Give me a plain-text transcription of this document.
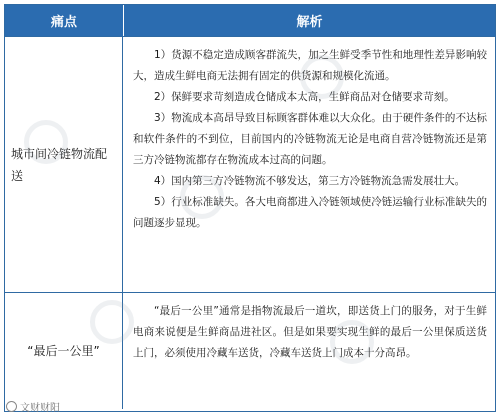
痛点	解析
城市间冷链物流配送

1）货源不稳定造成顾客群流失，加之生鲜受季节性和地理性差异影响较大，造成生鲜电商无法拥有固定的供货源和规模化流通。

2）保鲜要求苛刻造成仓储成本太高，生鲜商品对仓储要求苛刻。

3）物流成本高昂导致目标顾客群体难以大众化。由于硬件条件的不达标和软件条件的不到位，目前国内的冷链物流无论是电商自营冷链物流还是第三方冷链物流都存在物流成本过高的问题。

4）国内第三方冷链物流不够发达，第三方冷链物流急需发展壮大。

5）行业标准缺失。各大电商都进入冷链领域使冷链运输行业标准缺失的问题逐步显现。

“最后一公里”

“最后一公里”通常是指物流最后一道坎，即送货上门的服务，对于生鲜电商来说便是生鲜商品进社区。但是如果要实现生鲜的最后一公里保质送货上门，必须使用冷藏车送货，冷藏车送货上门成本十分高昂。

文财财阳
